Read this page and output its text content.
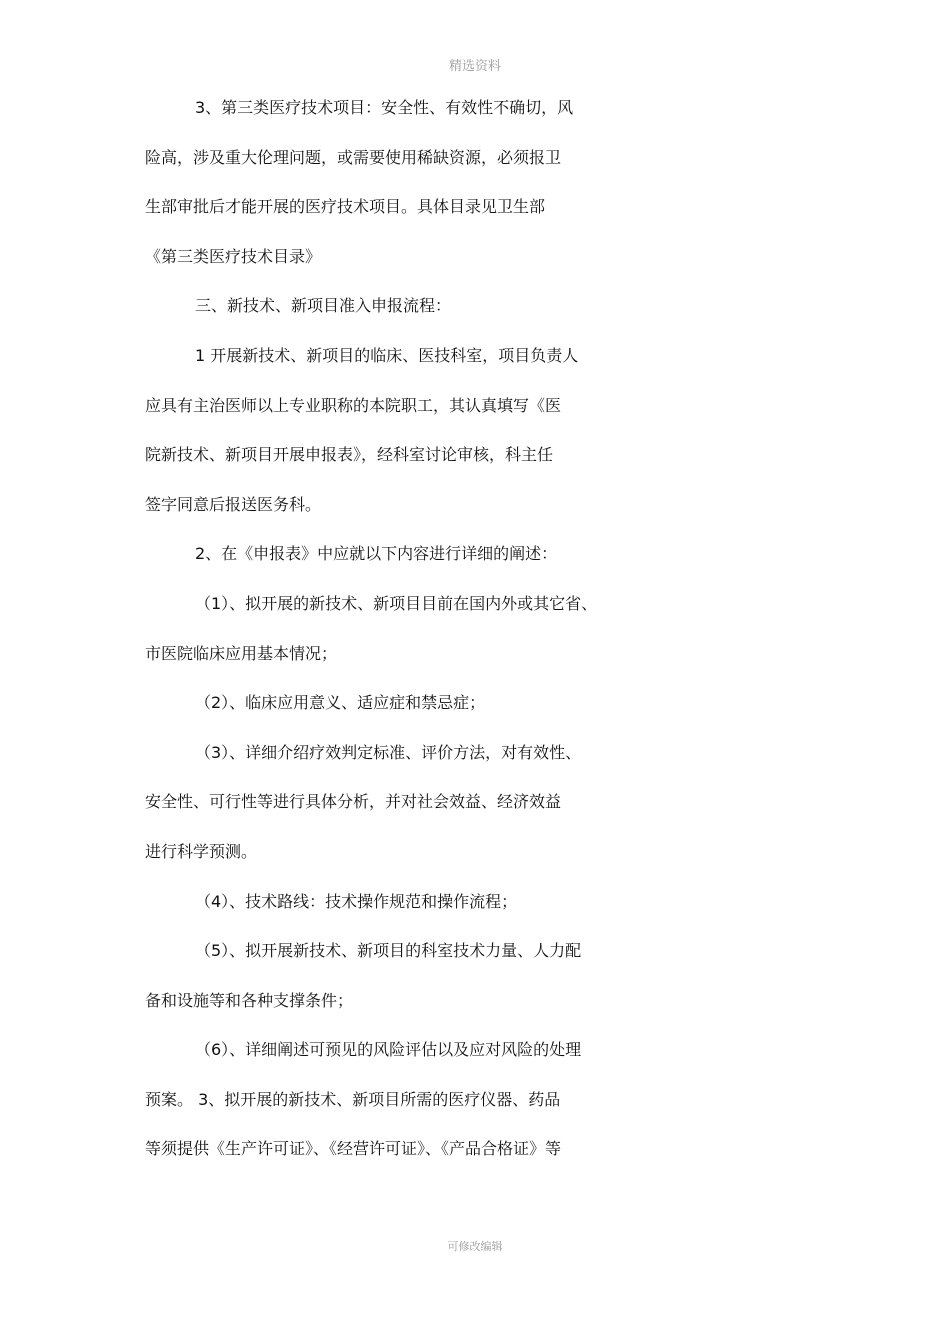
精选资料
3、第三类医疗技术项目：安全性、有效性不确切，风
险高，涉及重大伦理问题，或需要使用稀缺资源，必须报卫
生部审批后才能开展的医疗技术项目。具体目录见卫生部
《第三类医疗技术目录》
三、新技术、新项目准入申报流程：
1 开展新技术、新项目的临床、医技科室，项目负责人
应具有主治医师以上专业职称的本院职工，其认真填写《医
院新技术、新项目开展申报表》，经科室讨论审核，科主任
签字同意后报送医务科。
2、在《申报表》中应就以下内容进行详细的阐述：
（1）、拟开展的新技术、新项目目前在国内外或其它省、
市医院临床应用基本情况；
（2）、临床应用意义、适应症和禁忌症；
（3）、详细介绍疗效判定标准、评价方法，对有效性、
安全性、可行性等进行具体分析，并对社会效益、经济效益
进行科学预测。
（4）、技术路线：技术操作规范和操作流程；
（5）、拟开展新技术、新项目的科室技术力量、人力配
备和设施等和各种支撑条件；
（6）、详细阐述可预见的风险评估以及应对风险的处理
预案。 3、拟开展的新技术、新项目所需的医疗仪器、药品
等须提供《生产许可证》、《经营许可证》、《产品合格证》等
可修改编辑
